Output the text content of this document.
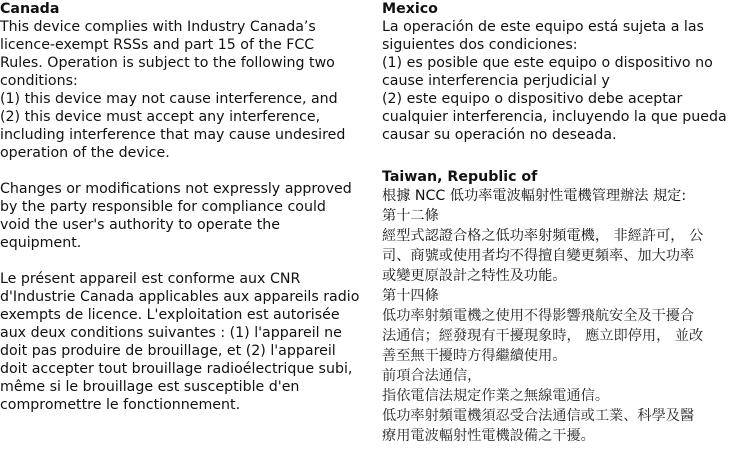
Canada

This device complies with Industry Canada’s
licence-exempt RSSs and part 15 of the FCC
Rules. Operation is subject to the following two
conditions:
(1) this device may not cause interference, and
(2) this device must accept any interference,
including interference that may cause undesired
operation of the device.

Changes or modifications not expressly approved
by the party responsible for compliance could
void the user's authority to operate the
equipment.

Le présent appareil est conforme aux CNR
d'Industrie Canada applicables aux appareils radio
exempts de licence. L'exploitation est autorisée
aux deux conditions suivantes : (1) l'appareil ne
doit pas produire de brouillage, et (2) l'appareil
doit accepter tout brouillage radioélectrique subi,
même si le brouillage est susceptible d'en
compromettre le fonctionnement.

Mexico

La operación de este equipo está sujeta a las
siguientes dos condiciones:
(1) es posible que este equipo o dispositivo no
cause interferencia perjudicial y
(2) este equipo o dispositivo debe aceptar
cualquier interferencia, incluyendo la que pueda
causar su operación no deseada.

Taiwan, Republic of

根據 NCC 低功率電波輻射性電機管理辦法 規定:

第十二條

經型式認證合格之低功率射頻電機， 非經許可， 公
司、商號或使用者均不得擅自變更頻率、加大功率
或變更原設計之特性及功能。

第十四條

低功率射頻電機之使用不得影響飛航安全及干擾合
法通信；經發現有干擾現象時， 應立即停用， 並改
善至無干擾時方得繼續使用。
前項合法通信，
指依電信法規定作業之無線電通信。
低功率射頻電機須忍受合法通信或工業、科學及醫
療用電波輻射性電機設備之干擾。
